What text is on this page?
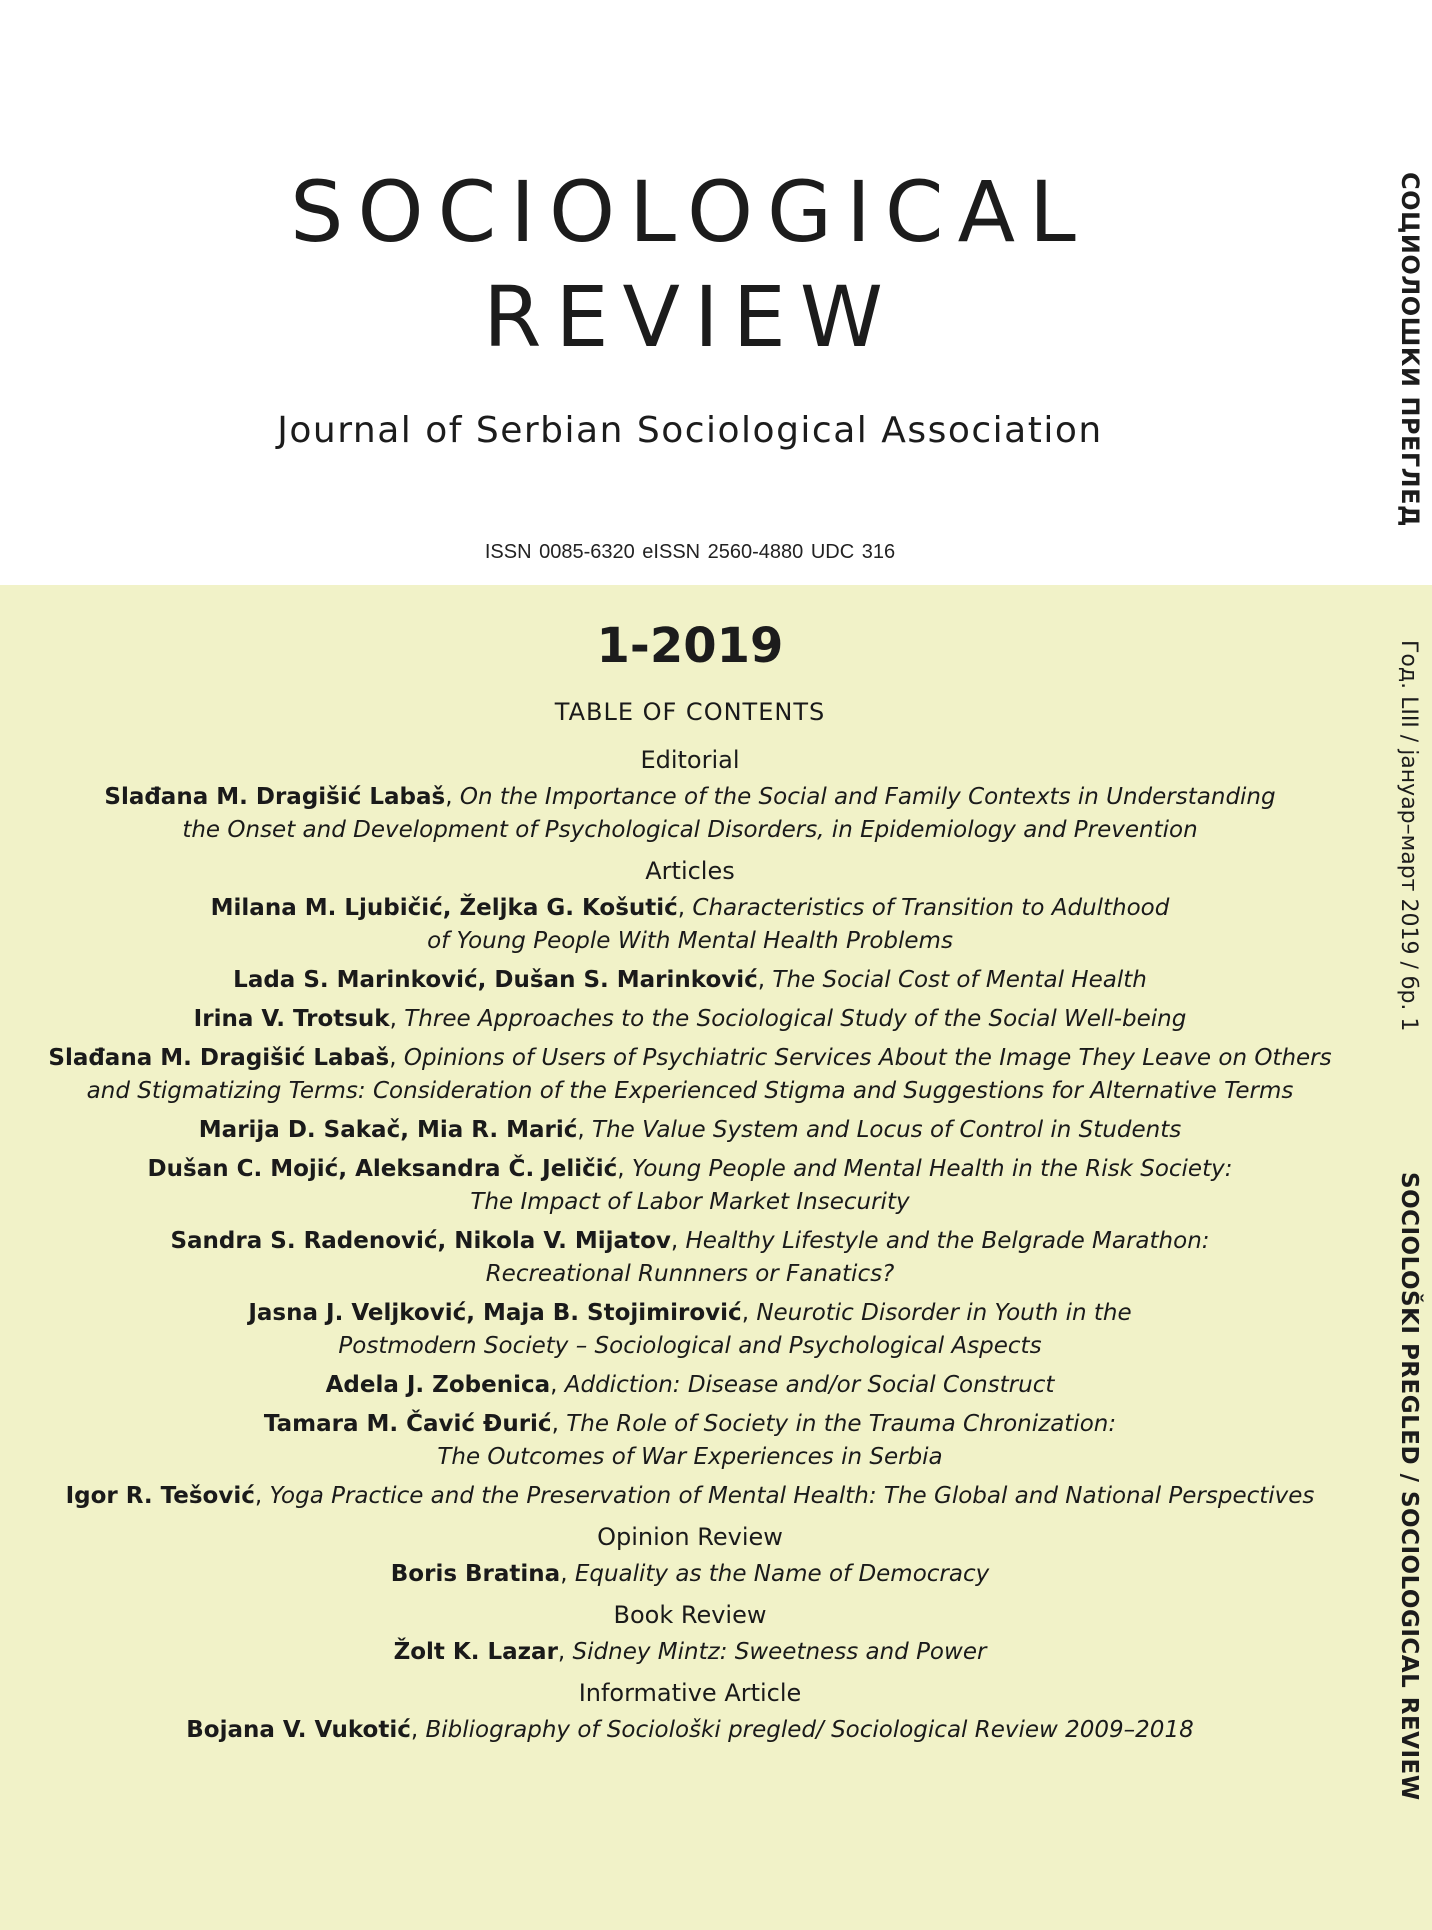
SOCIOLOGICAL
REVIEW
Journal of Serbian Sociological Association
ISSN 0085-6320 eISSN 2560-4880 UDC 316
1-2019
TABLE OF CONTENTS
Editorial
Slađana M. Dragišić Labaš, On the Importance of the Social and Family Contexts in Understanding
the Onset and Development of Psychological Disorders, in Epidemiology and Prevention
Articles
Milana M. Ljubičić, Željka G. Košutić, Characteristics of Transition to Adulthood
of Young People With Mental Health Problems
Lada S. Marinković, Dušan S. Marinković, The Social Cost of Mental Health
Irina V. Trotsuk, Three Approaches to the Sociological Study of the Social Well-being
Slađana M. Dragišić Labaš, Opinions of Users of Psychiatric Services About the Image They Leave on Others
and Stigmatizing Terms: Consideration of the Experienced Stigma and Suggestions for Alternative Terms
Marija D. Sakač, Mia R. Marić, The Value System and Locus of Control in Students
Dušan C. Mojić, Aleksandra Č. Jeličić, Young People and Mental Health in the Risk Society:
The Impact of Labor Market Insecurity
Sandra S. Radenović, Nikola V. Mijatov, Healthy Lifestyle and the Belgrade Marathon:
Recreational Runnners or Fanatics?
Jasna J. Veljković, Maja B. Stojimirović, Neurotic Disorder in Youth in the
Postmodern Society – Sociological and Psychological Aspects
Adela J. Zobenica, Addiction: Disease and/or Social Construct
Tamara M. Čavić Đurić, The Role of Society in the Trauma Chronization:
The Outcomes of War Experiences in Serbia
Igor R. Tešović, Yoga Practice and the Preservation of Mental Health: The Global and National Perspectives
Opinion Review
Boris Bratina, Equality as the Name of Democracy
Book Review
Žolt K. Lazar, Sidney Mintz: Sweetness and Power
Informative Article
Bojana V. Vukotić, Bibliography of Sociološki pregled/ Sociological Review 2009–2018
СОЦИОЛОШКИ ПРЕГЛЕД
Год. LIII / јануар–март 2019 / бр. 1
SOCIOLOŠKI PREGLED / SOCIOLOGICAL REVIEW
